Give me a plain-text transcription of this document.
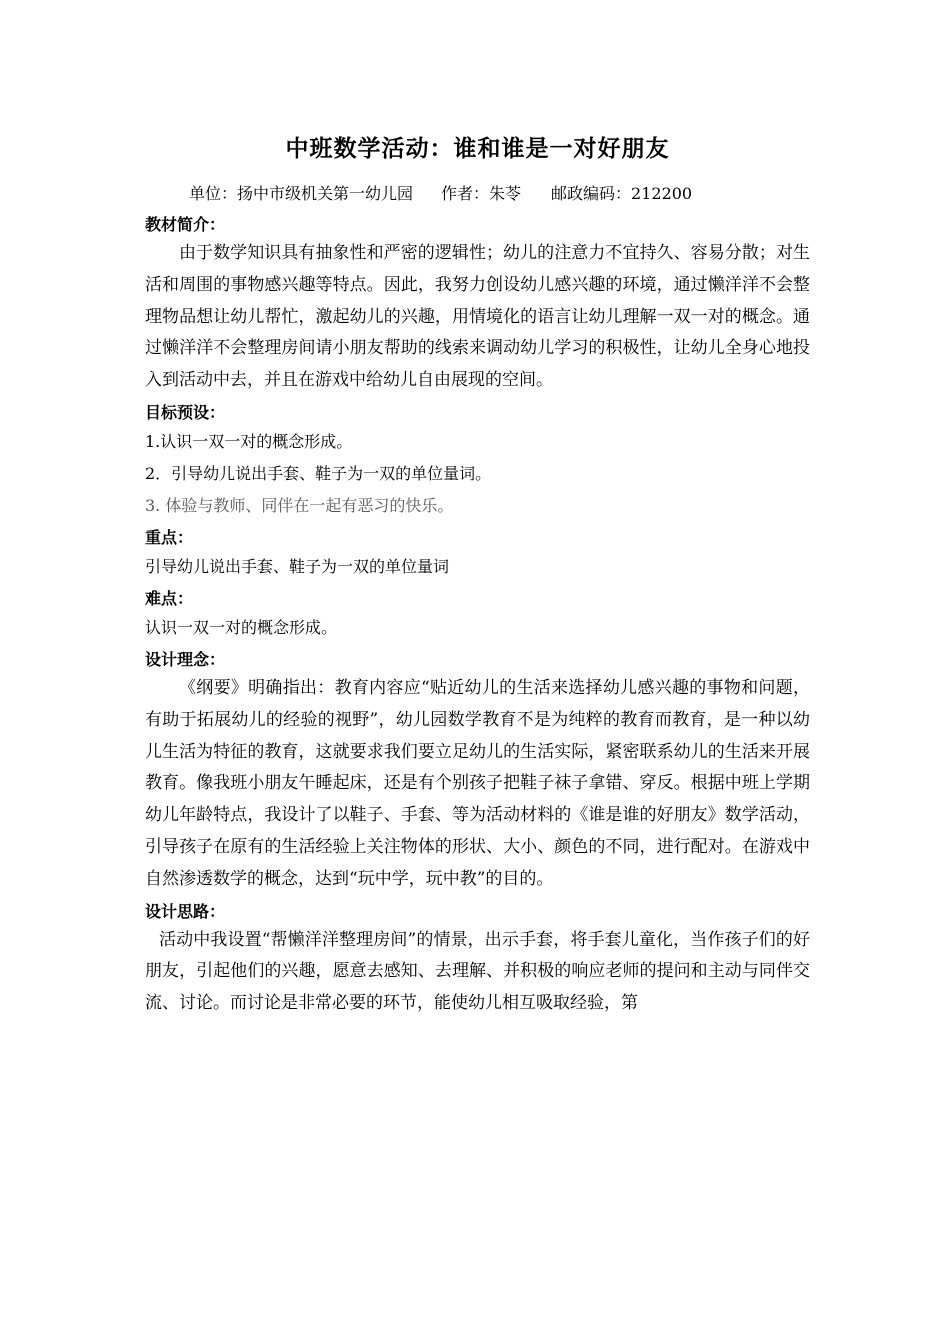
中班数学活动：谁和谁是一对好朋友
单位：扬中市级机关第一幼儿园 作者：朱苓 邮政编码：212200
教材简介：

由于数学知识具有抽象性和严密的逻辑性；幼儿的注意力不宜持久、容易分散；对生活和周围的事物感兴趣等特点。因此，我努力创设幼儿感兴趣的环境，通过懒洋洋不会整理物品想让幼儿帮忙，激起幼儿的兴趣，用情境化的语言让幼儿理解一双一对的概念。通过懒洋洋不会整理房间请小朋友帮助的线索来调动幼儿学习的积极性，让幼儿全身心地投入到活动中去，并且在游戏中给幼儿自由展现的空间。

目标预设：
1.认识一双一对的概念形成。
2．引导幼儿说出手套、鞋子为一双的单位量词。
3. 体验与教师、同伴在一起有恶习的快乐。
重点：
引导幼儿说出手套、鞋子为一双的单位量词
难点：
认识一双一对的概念形成。
设计理念：

《纲要》明确指出：教育内容应“贴近幼儿的生活来选择幼儿感兴趣的事物和问题，有助于拓展幼儿的经验的视野”，幼儿园数学教育不是为纯粹的教育而教育，是一种以幼儿生活为特征的教育，这就要求我们要立足幼儿的生活实际，紧密联系幼儿的生活来开展教育。像我班小朋友午睡起床，还是有个别孩子把鞋子袜子拿错、穿反。根据中班上学期幼儿年龄特点，我设计了以鞋子、手套、等为活动材料的《谁是谁的好朋友》数学活动，引导孩子在原有的生活经验上关注物体的形状、大小、颜色的不同，进行配对。在游戏中自然渗透数学的概念，达到“玩中学，玩中教”的目的。

设计思路：

活动中我设置“帮懒洋洋整理房间”的情景，出示手套，将手套儿童化，当作孩子们的好朋友，引起他们的兴趣，愿意去感知、去理解、并积极的响应老师的提问和主动与同伴交流、讨论。而讨论是非常必要的环节，能使幼儿相互吸取经验，第
